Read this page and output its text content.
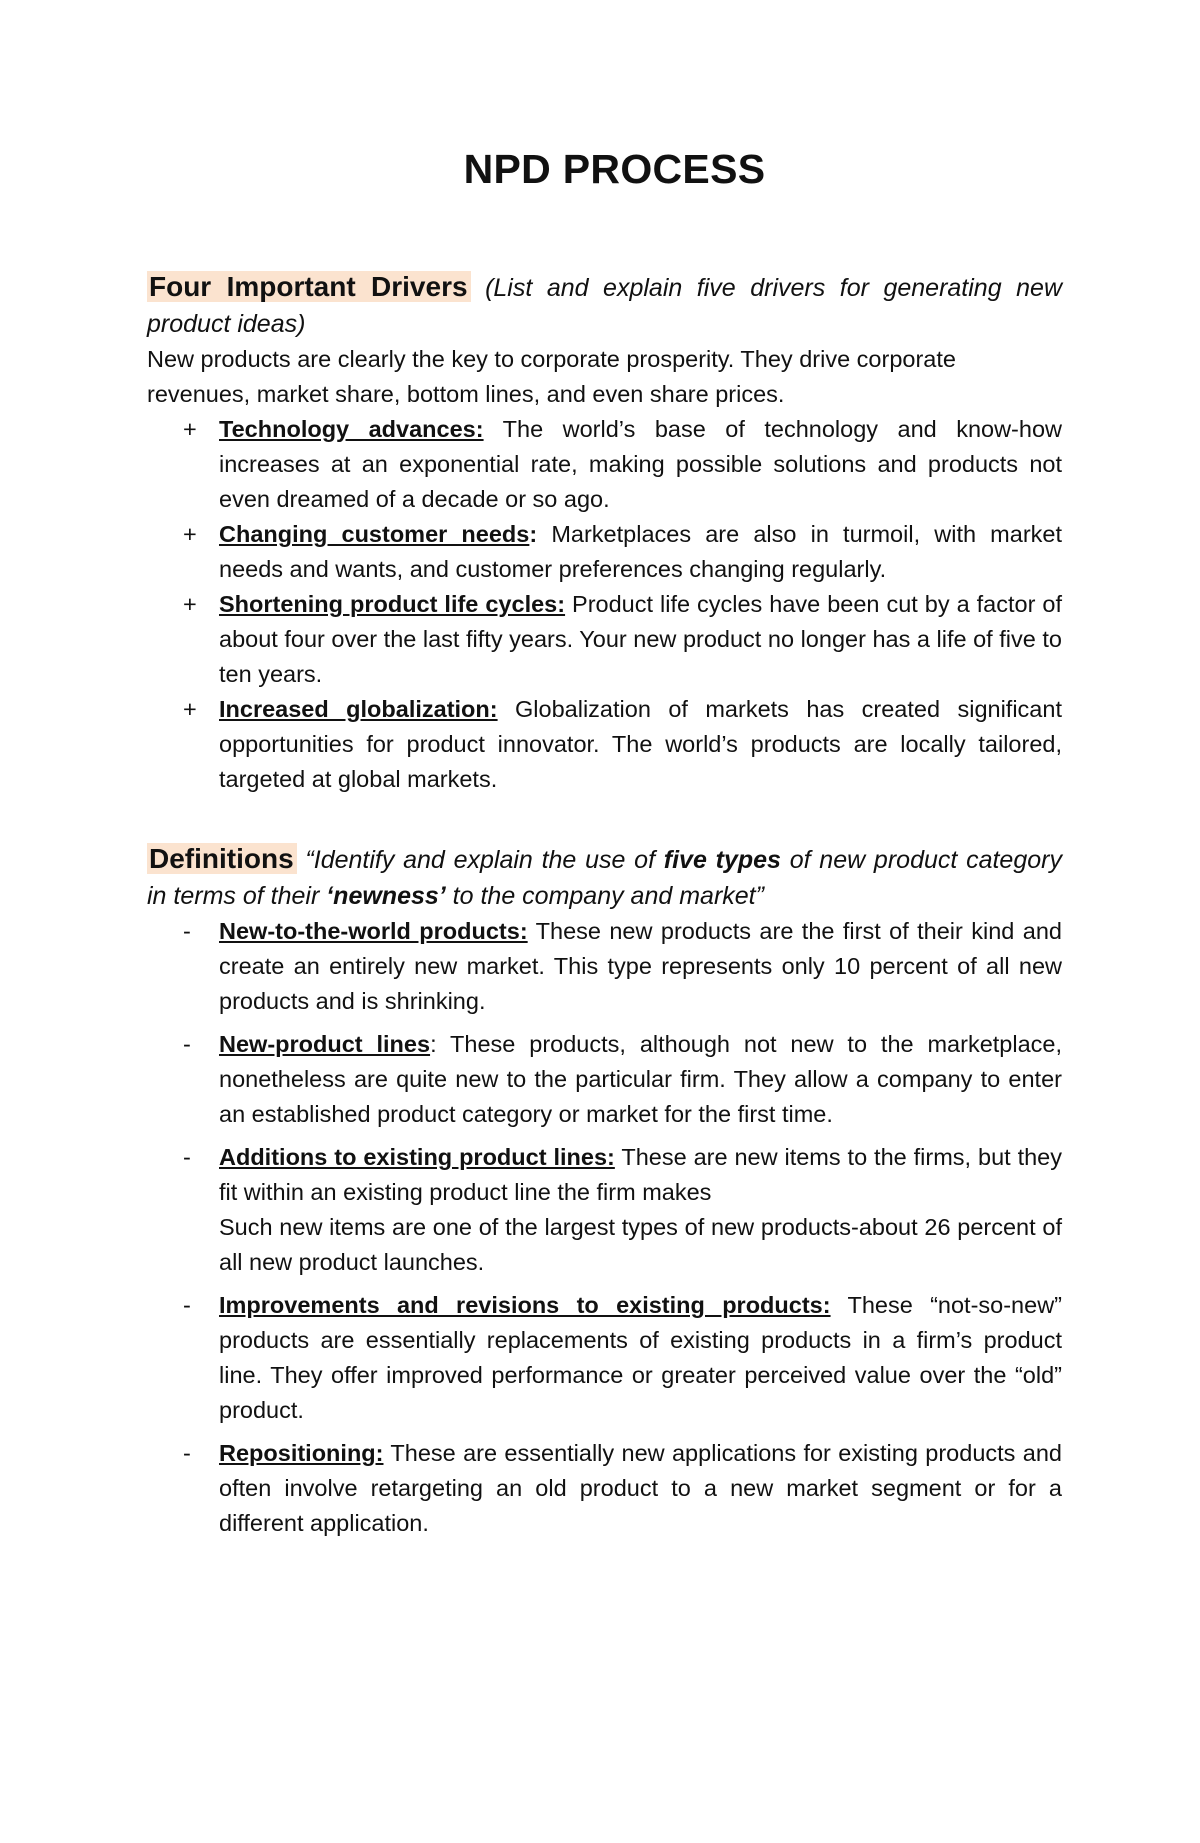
NPD PROCESS
Four Important Drivers (List and explain five drivers for generating new product ideas)
New products are clearly the key to corporate prosperity. They drive corporate revenues, market share, bottom lines, and even share prices.
+ Technology advances: The world’s base of technology and know-how increases at an exponential rate, making possible solutions and products not even dreamed of a decade or so ago.
+ Changing customer needs: Marketplaces are also in turmoil, with market needs and wants, and customer preferences changing regularly.
+ Shortening product life cycles: Product life cycles have been cut by a factor of about four over the last fifty years. Your new product no longer has a life of five to ten years.
+ Increased globalization: Globalization of markets has created significant opportunities for product innovator. The world’s products are locally tailored, targeted at global markets.
Definitions “Identify and explain the use of five types of new product category in terms of their ‘newness’ to the company and market”
-	New-to-the-world products: These new products are the first of their kind and create an entirely new market. This type represents only 10 percent of all new products and is shrinking.
-	New-product lines: These products, although not new to the marketplace, nonetheless are quite new to the particular firm. They allow a company to enter an established product category or market for the first time.
-	Additions to existing product lines: These are new items to the firms, but they fit within an existing product line the firm makes
Such new items are one of the largest types of new products-about 26 percent of all new product launches.
-	Improvements and revisions to existing products: These “not-so-new” products are essentially replacements of existing products in a firm’s product line. They offer improved performance or greater perceived value over the “old” product.
-	Repositioning: These are essentially new applications for existing products and often involve retargeting an old product to a new market segment or for a different application.
